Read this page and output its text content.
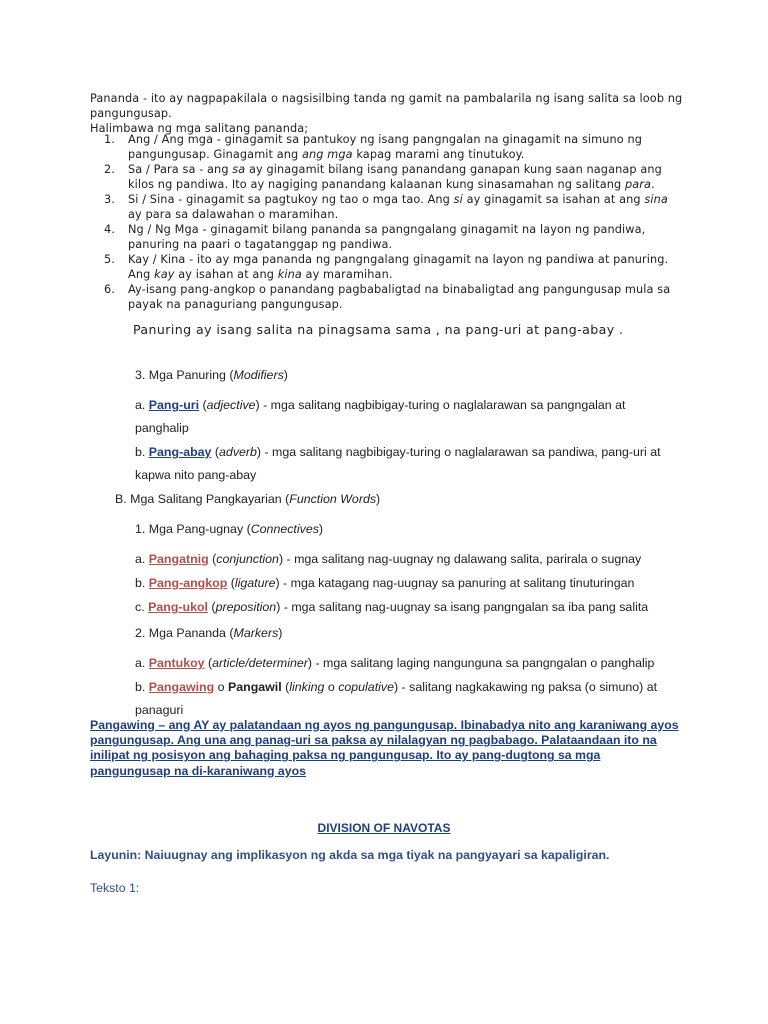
Pananda - ito ay nagpapakilala o nagsisilbing tanda ng gamit na pambalarila ng isang salita sa loob ng pangungusap.
Halimbawa ng mga salitang pananda;
1. Ang / Ang mga - ginagamit sa pantukoy ng isang pangngalan na ginagamit na simuno ng pangungusap. Ginagamit ang ang mga kapag marami ang tinutukoy.
2. Sa / Para sa - ang sa ay ginagamit bilang isang panandang ganapan kung saan naganap ang kilos ng pandiwa. Ito ay nagiging panandang kalaanan kung sinasamahan ng salitang para.
3. Si / Sina - ginagamit sa pagtukoy ng tao o mga tao. Ang si ay ginagamit sa isahan at ang sina ay para sa dalawahan o maramihan.
4. Ng / Ng Mga - ginagamit bilang pananda sa pangngalang ginagamit na layon ng pandiwa, panuring na paari o tagatanggap ng pandiwa.
5. Kay / Kina - ito ay mga pananda ng pangngalang ginagamit na layon ng pandiwa at panuring. Ang kay ay isahan at ang kina ay maramihan.
6. Ay-isang pang-angkop o panandang pagbabaligtad na binabaligtad ang pangungusap mula sa payak na panaguriang pangungusap.
Panuring ay isang salita na pinagsama sama , na pang-uri at pang-abay .
3. Mga Panuring (Modifiers)
a. Pang-uri (adjective) - mga salitang nagbibigay-turing o naglalarawan sa pangngalan at
panghalip
b. Pang-abay (adverb) - mga salitang nagbibigay-turing o naglalarawan sa pandiwa, pang-uri at
kapwa nito pang-abay
B. Mga Salitang Pangkayarian (Function Words)
1. Mga Pang-ugnay (Connectives)
a. Pangatnig (conjunction) - mga salitang nag-uugnay ng dalawang salita, parirala o sugnay
b. Pang-angkop (ligature) - mga katagang nag-uugnay sa panuring at salitang tinuturingan
c. Pang-ukol (preposition) - mga salitang nag-uugnay sa isang pangngalan sa iba pang salita
2. Mga Pananda (Markers)
a. Pantukoy (article/determiner) - mga salitang laging nangunguna sa pangngalan o panghalip
b. Pangawing o Pangawil (linking o copulative) - salitang nagkakawing ng paksa (o simuno) at
panaguri
Pangawing – ang AY ay palatandaan ng ayos ng pangungusap. Ibinabadya nito ang karaniwang ayos pangungusap. Ang una ang panag-uri sa paksa ay nilalagyan ng pagbabago. Palataandaan ito na inilipat ng posisyon ang bahaging paksa ng pangungusap. Ito ay pang-dugtong sa mga pangungusap na di-karaniwang ayos
DIVISION OF NAVOTAS
Layunin: Naiuugnay ang implikasyon ng akda sa mga tiyak na pangyayari sa kapaligiran.
Teksto 1:
